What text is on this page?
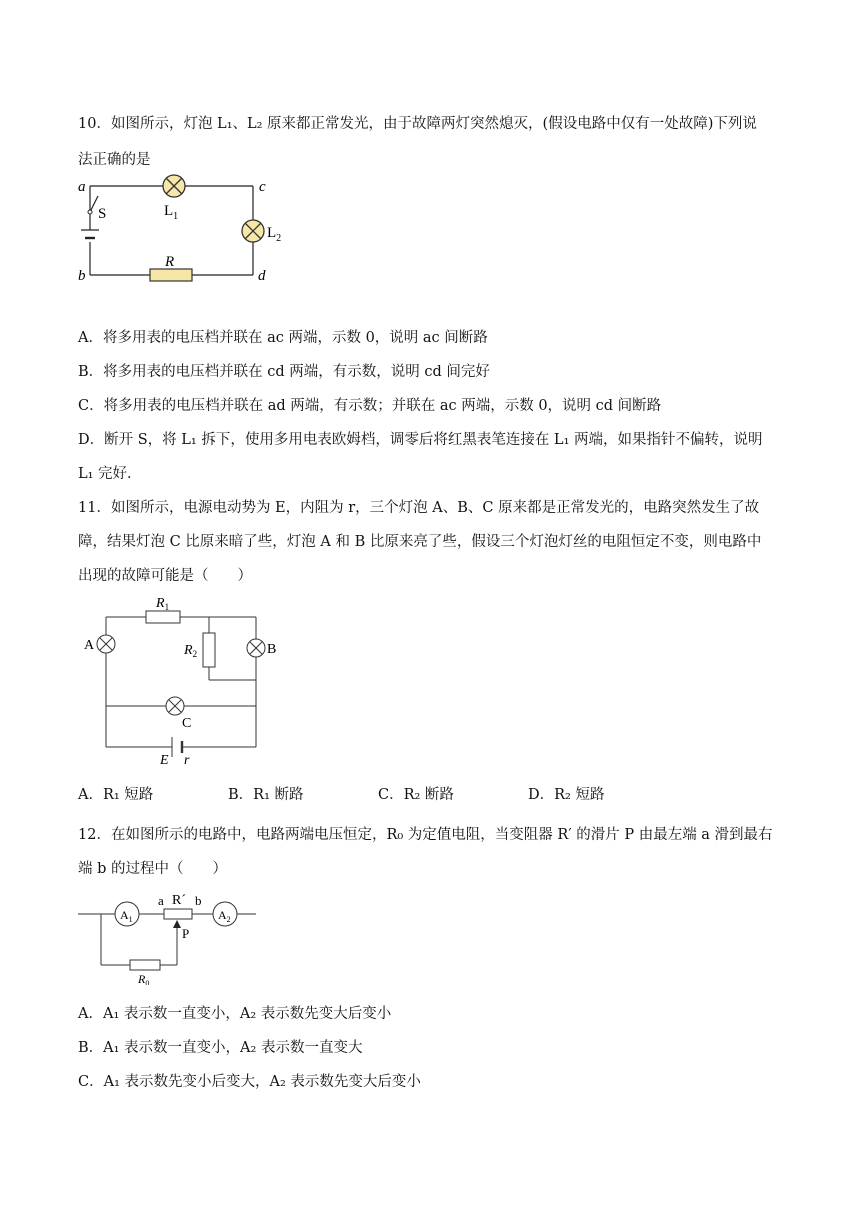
10．如图所示，灯泡 L₁、L₂ 原来都正常发光，由于故障两灯突然熄灭，(假设电路中仅有一处故障)下列说
法正确的是
a
b
c
d
S
R
$L_1$
$L_2$
A．将多用表的电压档并联在 ac 两端，示数 0，说明 ac 间断路
B．将多用表的电压档并联在 cd 两端，有示数，说明 cd 间完好
C．将多用表的电压档并联在 ad 两端，有示数；并联在 ac 两端，示数 0，说明 cd 间断路
D．断开 S，将 L₁ 拆下，使用多用电表欧姆档，调零后将红黑表笔连接在 L₁ 两端，如果指针不偏转，说明
L₁ 完好．
11．如图所示，电源电动势为 E，内阻为 r，三个灯泡 A、B、C 原来都是正常发光的，电路突然发生了故
障，结果灯泡 C 比原来暗了些，灯泡 A 和 B 比原来亮了些，假设三个灯泡灯丝的电阻恒定不变，则电路中
出现的故障可能是（　　）
$R_1$
$R_2$
A	B
C
E r
A．R₁ 短路	B．R₁ 断路	C．R₂ 断路	D．R₂ 短路
12．在如图所示的电路中，电路两端电压恒定，R₀ 为定值电阻，当变阻器 R′ 的滑片 P 由最左端 a 滑到最右
端 b 的过程中（　　）
$A_1$	$A_2$
a R´ b
P
$R_0$
A．A₁ 表示数一直变小，A₂ 表示数先变大后变小
B．A₁ 表示数一直变小，A₂ 表示数一直变大
C．A₁ 表示数先变小后变大，A₂ 表示数先变大后变小
